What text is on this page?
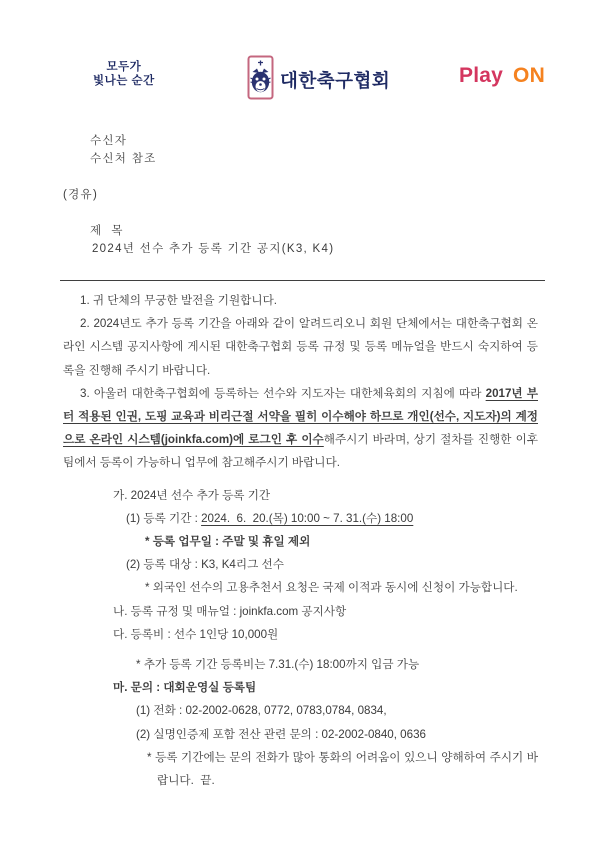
모두가
빛나는 순간	대한축구협회	Play ON

수신자
수신처 참조

(경유)

제  목
2024년 선수 추가 등록 기간 공지(K3, K4)

1. 귀 단체의 무궁한 발전을 기원합니다.

2. 2024년도 추가 등록 기간을 아래와 같이 알려드리오니 회원 단체에서는 대한축구협회 온라인 시스템 공지사항에 게시된 대한축구협회 등록 규정 및 등록 메뉴얼을 반드시 숙지하여 등록을 진행해 주시기 바랍니다.

3. 아울러 대한축구협회에 등록하는 선수와 지도자는 대한체육회의 지침에 따라 2017년 부터 적용된 인권, 도핑 교육과 비리근절 서약을 필히 이수해야 하므로 개인(선수, 지도자)의 계정으로 온라인 시스템(joinkfa.com)에 로그인 후 이수해주시기 바라며, 상기 절차를 진행한 이후 팀에서 등록이 가능하니 업무에 참고해주시기 바랍니다.

가. 2024년 선수 추가 등록 기간

(1) 등록 기간 : 2024.  6.  20.(목) 10:00 ~ 7. 31.(수) 18:00

* 등록 업무일 : 주말 및 휴일 제외

(2) 등록 대상 : K3, K4리그 선수

* 외국인 선수의 고용추천서 요청은 국제 이적과 동시에 신청이 가능합니다.

나. 등록 규정 및 매뉴얼 : joinkfa.com 공지사항

다. 등록비 : 선수 1인당 10,000원

* 추가 등록 기간 등록비는 7.31.(수) 18:00까지 입금 가능

마. 문의 : 대회운영실 등록팀

(1) 전화 : 02-2002-0628, 0772, 0783,0784, 0834,

(2) 실명인증제 포함 전산 관련 문의 : 02-2002-0840, 0636

* 등록 기간에는 문의 전화가 많아 통화의 어려움이 있으니 양해하여 주시기 바랍니다.  끝.
